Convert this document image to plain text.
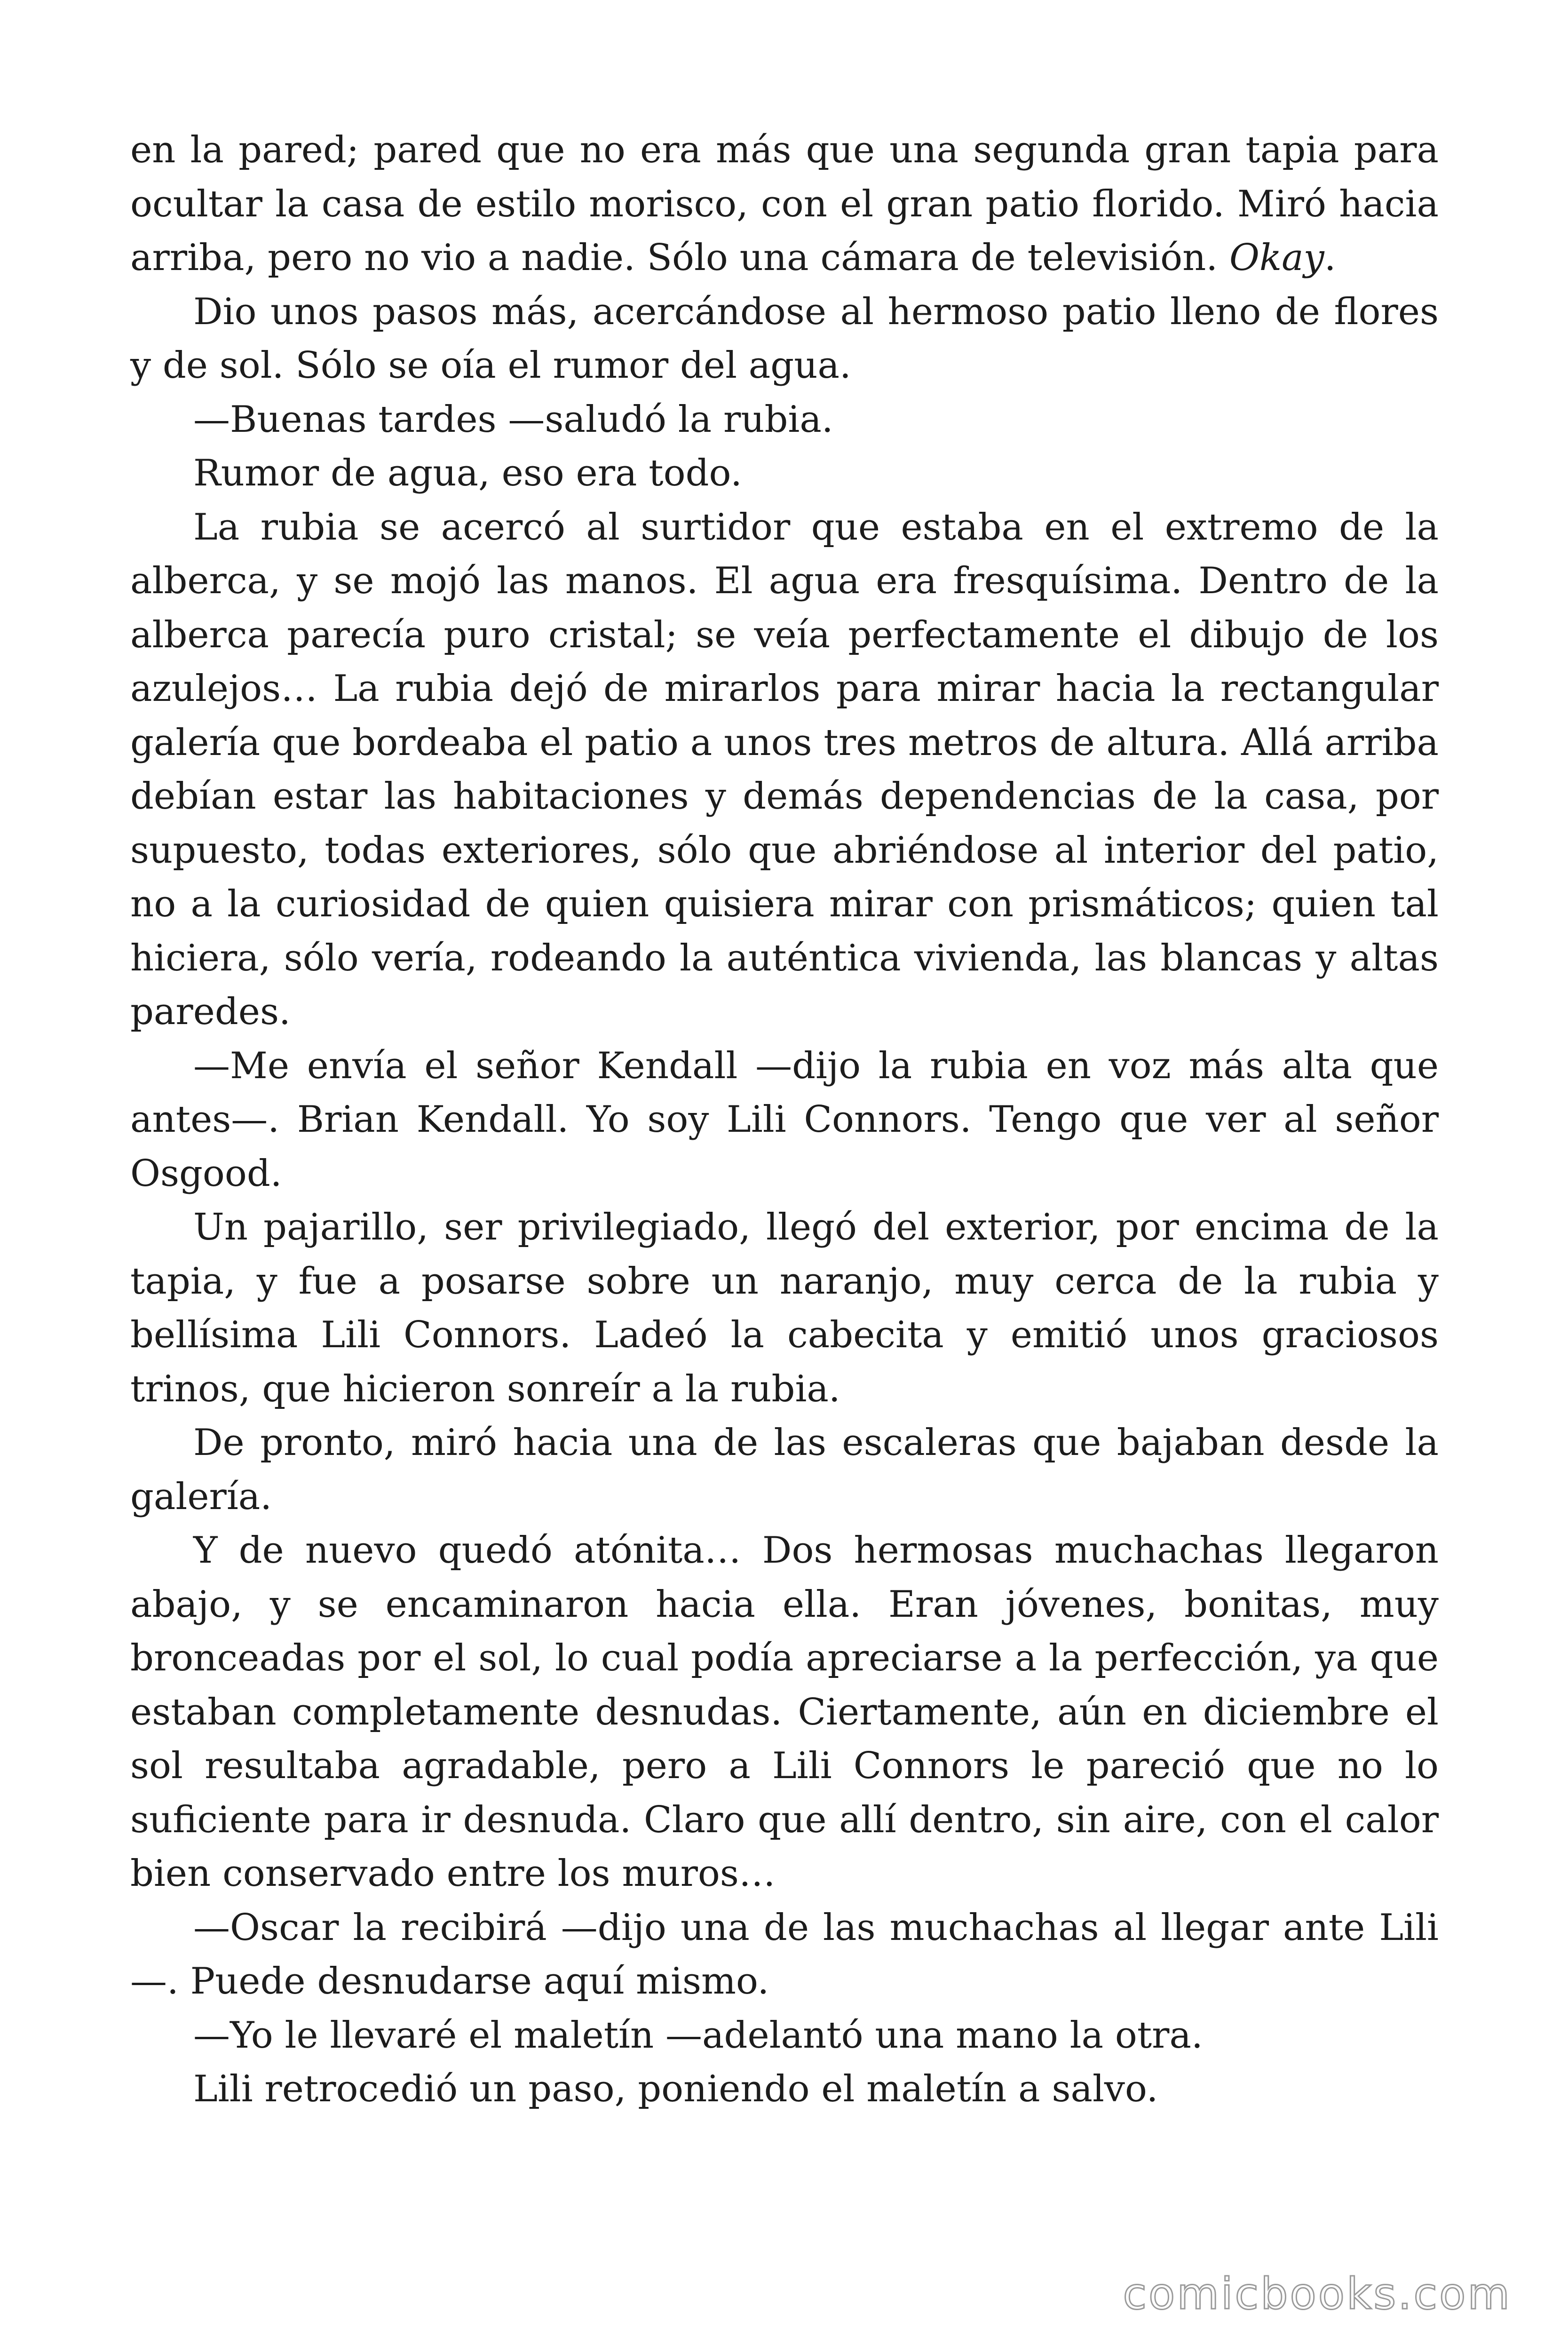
en la pared; pared que no era más que una segunda gran tapia para ocultar la casa de estilo morisco, con el gran patio florido. Miró hacia arriba, pero no vio a nadie. Sólo una cámara de televisión. Okay.

Dio unos pasos más, acercándose al hermoso patio lleno de flores y de sol. Sólo se oía el rumor del agua.

—Buenas tardes —saludó la rubia.

Rumor de agua, eso era todo.

La rubia se acercó al surtidor que estaba en el extremo de la alberca, y se mojó las manos. El agua era fresquísima. Dentro de la alberca parecía puro cristal; se veía perfectamente el dibujo de los azulejos… La rubia dejó de mirarlos para mirar hacia la rectangular galería que bordeaba el patio a unos tres metros de altura. Allá arriba debían estar las habitaciones y demás dependencias de la casa, por supuesto, todas exteriores, sólo que abriéndose al interior del patio, no a la curiosidad de quien quisiera mirar con prismáticos; quien tal hiciera, sólo vería, rodeando la auténtica vivienda, las blancas y altas paredes.

—Me envía el señor Kendall —dijo la rubia en voz más alta que antes—. Brian Kendall. Yo soy Lili Connors. Tengo que ver al señor Osgood.

Un pajarillo, ser privilegiado, llegó del exterior, por encima de la tapia, y fue a posarse sobre un naranjo, muy cerca de la rubia y bellísima Lili Connors. Ladeó la cabecita y emitió unos graciosos trinos, que hicieron sonreír a la rubia.

De pronto, miró hacia una de las escaleras que bajaban desde la galería.

Y de nuevo quedó atónita… Dos hermosas muchachas llegaron abajo, y se encaminaron hacia ella. Eran jóvenes, bonitas, muy bronceadas por el sol, lo cual podía apreciarse a la perfección, ya que estaban completamente desnudas. Ciertamente, aún en diciembre el sol resultaba agradable, pero a Lili Connors le pareció que no lo suficiente para ir desnuda. Claro que allí dentro, sin aire, con el calor bien conservado entre los muros…

—Oscar la recibirá —dijo una de las muchachas al llegar ante Lili—. Puede desnudarse aquí mismo.

—Yo le llevaré el maletín —adelantó una mano la otra.

Lili retrocedió un paso, poniendo el maletín a salvo.

comicbooks.com
